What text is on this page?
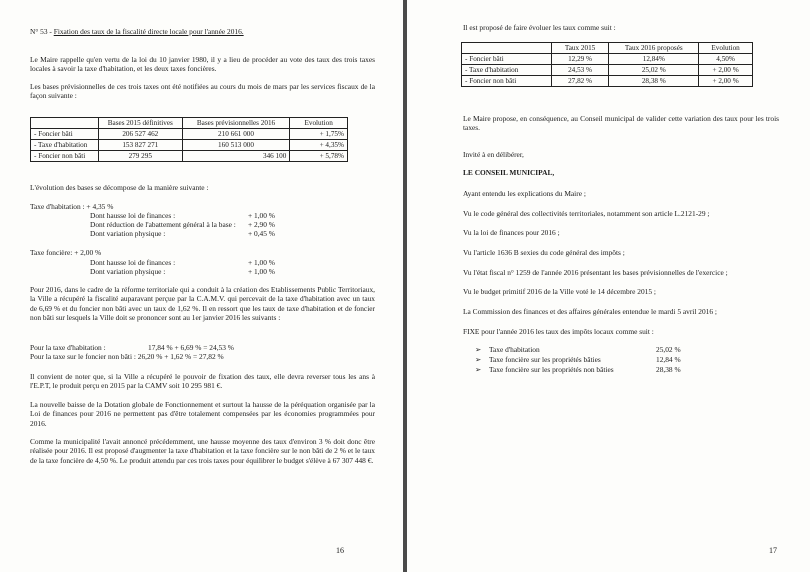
N° 53 - Fixation des taux de la fiscalité directe locale pour l'année 2016.
Le Maire rappelle qu'en vertu de la loi du 10 janvier 1980, il y a lieu de procéder au vote des taux des trois taxes locales à savoir la taxe d'habitation, et les deux taxes foncières.
Les bases prévisionnelles de ces trois taxes ont été notifiées au cours du mois de mars par les services fiscaux de la façon suivante :
	Bases 2015 définitives	Bases prévisionnelles 2016	Evolution
- Foncier bâti	206 527 462	210 661 000	+ 1,75%
- Taxe d'habitation	153 827 271	160 513 000	+ 4,35%
- Foncier non bâti	279 295	346 100	+ 5,78%
L'évolution des bases se décompose de la manière suivante :
Taxe d'habitation : + 4,35 %
Dont hausse loi de finances :	+ 1,00 %
Dont réduction de l'abattement général à la base : + 2,90 %
Dont variation physique :	+ 0,45 %
Taxe foncière: + 2,00 %
Dont hausse loi de finances :	+ 1,00 %
Dont variation physique :	+ 1,00 %
Pour 2016, dans le cadre de la réforme territoriale qui a conduit à la création des Etablissements Public Territoriaux, la Ville a récupéré la fiscalité auparavant perçue par la C.A.M.V. qui percevait de la taxe d'habitation avec un taux de 6,69 % et du foncier non bâti avec un taux de 1,62 %. Il en ressort que les taux de taxe d'habitation et de foncier non bâti sur lesquels la Ville doit se prononcer sont au 1er janvier 2016 les suivants :
Pour la taxe d'habitation :	17,84 % + 6,69 % = 24,53 %
Pour la taxe sur le foncier non bâti : 26,20 % + 1,62 % = 27,82 %
Il convient de noter que, si la Ville a récupéré le pouvoir de fixation des taux, elle devra reverser tous les ans à l'E.P.T, le produit perçu en 2015 par la CAMV soit 10 295 981 €.
La nouvelle baisse de la Dotation globale de Fonctionnement et surtout la hausse de la péréquation organisée par la Loi de finances pour 2016 ne permettent pas d'être totalement compensées par les économies programmées pour 2016.
Comme la municipalité l'avait annoncé précédemment, une hausse moyenne des taux d'environ 3 % doit donc être réalisée pour 2016. Il est proposé d'augmenter la taxe d'habitation et la taxe foncière sur le non bâti de 2 % et le taux de la taxe foncière de 4,50 %. Le produit attendu par ces trois taxes pour équilibrer le budget s'élève à 67 307 448 €.
16
Il est proposé de faire évoluer les taux comme suit :
	Taux 2015	Taux 2016 proposés	Evolution
- Foncier bâti	12,29 %	12,84%	4,50%
- Taxe d'habitation	24,53 %	25,02 %	+ 2,00 %
- Foncier non bâti	27,82 %	28,38 %	+ 2,00 %
Le Maire propose, en conséquence, au Conseil municipal de valider cette variation des taux pour les trois taxes.
Invité à en délibérer,
LE CONSEIL MUNICIPAL,
Ayant entendu les explications du Maire ;
Vu le code général des collectivités territoriales, notamment son article L.2121-29 ;
Vu la loi de finances pour 2016 ;
Vu l'article 1636 B sexies du code général des impôts ;
Vu l'état fiscal n° 1259 de l'année 2016 présentant les bases prévisionnelles de l'exercice ;
Vu le budget primitif 2016 de la Ville voté le 14 décembre 2015 ;
La Commission des finances et des affaires générales entendue le mardi 5 avril 2016 ;
FIXE pour l'année 2016 les taux des impôts locaux comme suit :
➢ Taxe d'habitation	25,02 %
➢ Taxe foncière sur les propriétés bâties	12,84 %
➢ Taxe foncière sur les propriétés non bâties	28,38 %
17
